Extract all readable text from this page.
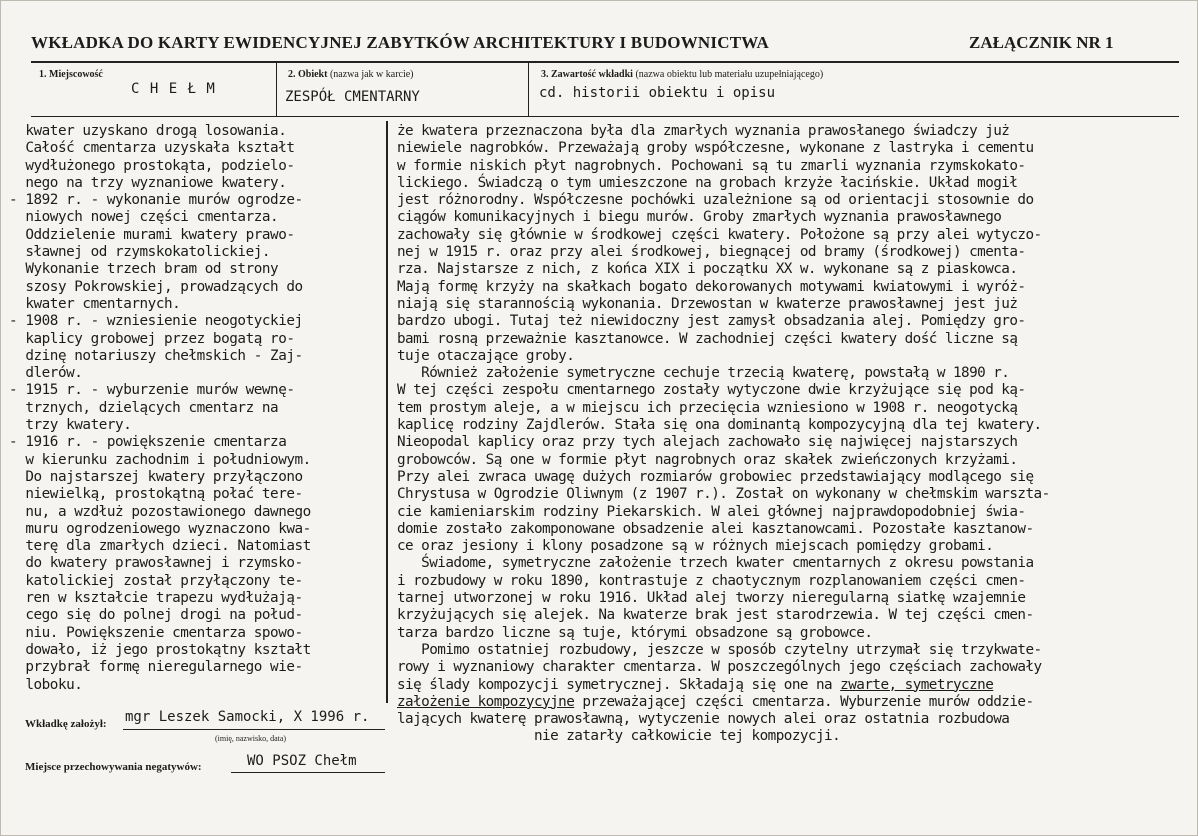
WKŁADKA DO KARTY EWIDENCYJNEJ ZABYTKÓW ARCHITEKTURY I BUDOWNICTWA	ZAŁĄCZNIK NR 1
1. Miejscowość
C H E Ł M
2. Obiekt (nazwa jak w karcie)
ZESPÓŁ CMENTARNY
3. Zawartość wkładki (nazwa obiektu lub materiału uzupełniającego)
cd. historii obiektu i opisu
kwater uzyskano drogą losowania.
Całość cmentarza uzyskała kształt
wydłużonego prostokąta, podzielo-
nego na trzy wyznaniowe kwatery.
- 1892 r. - wykonanie murów ogrodze-
niowych nowej części cmentarza.
Oddzielenie murami kwatery prawo-
sławnej od rzymskokatolickiej.
Wykonanie trzech bram od strony
szosy Pokrowskiej, prowadzących do
kwater cmentarnych.
- 1908 r. - wzniesienie neogotyckiej
kaplicy grobowej przez bogatą ro-
dzinę notariuszy chełmskich - Zaj-
dlerów.
- 1915 r. - wyburzenie murów wewnę-
trznych, dzielących cmentarz na
trzy kwatery.
- 1916 r. - powiększenie cmentarza
w kierunku zachodnim i południowym.
Do najstarszej kwatery przyłączono
niewielką, prostokątną połać tere-
nu, a wzdłuż pozostawionego dawnego
muru ogrodzeniowego wyznaczono kwa-
terę dla zmarłych dzieci. Natomiast
do kwatery prawosławnej i rzymsko-
katolickiej został przyłączony te-
ren w kształcie trapezu wydłużają-
cego się do polnej drogi na połud-
niu. Powiększenie cmentarza spowo-
dowało, iż jego prostokątny kształt
przybrał formę nieregularnego wie-
loboku.
że kwatera przeznaczona była dla zmarłych wyznania prawosłanego świadczy już
niewiele nagrobków. Przeważają groby współczesne, wykonane z lastryka i cementu
w formie niskich płyt nagrobnych. Pochowani są tu zmarli wyznania rzymskokato-
lickiego. Świadczą o tym umieszczone na grobach krzyże łacińskie. Układ mogił
jest różnorodny. Współczesne pochówki uzależnione są od orientacji stosownie do
ciągów komunikacyjnych i biegu murów. Groby zmarłych wyznania prawosławnego
zachowały się głównie w środkowej części kwatery. Położone są przy alei wytyczo-
nej w 1915 r. oraz przy alei środkowej, biegnącej od bramy (środkowej) cmentа-
rza. Najstarsze z nich, z końca XIX i początku XX w. wykonane są z piaskowca.
Mają formę krzyży na skałkach bogato dekorowanych motywami kwiatowymi i wyróż-
niają się starannością wykonania. Drzewostan w kwaterze prawosławnej jest już
bardzo ubogi. Tutaj też niewidoczny jest zamysł obsadzania alej. Pomiędzy gro-
bami rosną przeważnie kasztanowce. W zachodniej części kwatery dość liczne są
tuje otaczające groby.
Również założenie symetryczne cechuje trzecią kwaterę, powstałą w 1890 r.
W tej części zespołu cmentarnego zostały wytyczone dwie krzyżujące się pod ką-
tem prostym aleje, a w miejscu ich przecięcia wzniesiono w 1908 r. neogotycką
kaplicę rodziny Zajdlerów. Stała się ona dominantą kompozycyjną dla tej kwatery.
Nieopodal kaplicy oraz przy tych alejach zachowało się najwięcej najstarszych
grobowców. Są one w formie płyt nagrobnych oraz skałek zwieńczonych krzyżami.
Przy alei zwraca uwagę dużych rozmiarów grobowiec przedstawiający modlącego się
Chrystusa w Ogrodzie Oliwnym (z 1907 r.). Został on wykonany w chełmskim warszta-
cie kamieniarskim rodziny Piekarskich. W alei głównej najprawdopodobniej świa-
domie zostało zakomponowane obsadzenie alei kasztanowcami. Pozostałe kasztanow-
ce oraz jesiony i klony posadzone są w różnych miejscach pomiędzy grobami.
Świadome, symetryczne założenie trzech kwater cmentarnych z okresu powstania
i rozbudowy w roku 1890, kontrastuje z chaotycznym rozplanowaniem części cmen-
tarnej utworzonej w roku 1916. Układ alej tworzy nieregularną siatkę wzajemnie
krzyżujących się alejek. Na kwaterze brak jest starodrzewia. W tej części cmen-
tarza bardzo liczne są tuje, którymi obsadzone są grobowce.
Pomimo ostatniej rozbudowy, jeszcze w sposób czytelny utrzymał się trzykwate-
rowy i wyznaniowy charakter cmentarza. W poszczególnych jego częściach zachowały
się ślady kompozycji symetrycznej. Składają się one na zwarte, symetryczne
założenie kompozycyjne przeważającej części cmentarza. Wyburzenie murów oddzie-
lających kwaterę prawosławną, wytyczenie nowych alei oraz ostatnia rozbudowa
nie zatarły całkowicie tej kompozycji.
Wkładkę założył: mgr Leszek Samocki, X 1996 r.
(imię, nazwisko, data)
Miejsce przechowywania negatywów:	WO PSOZ Chełm
